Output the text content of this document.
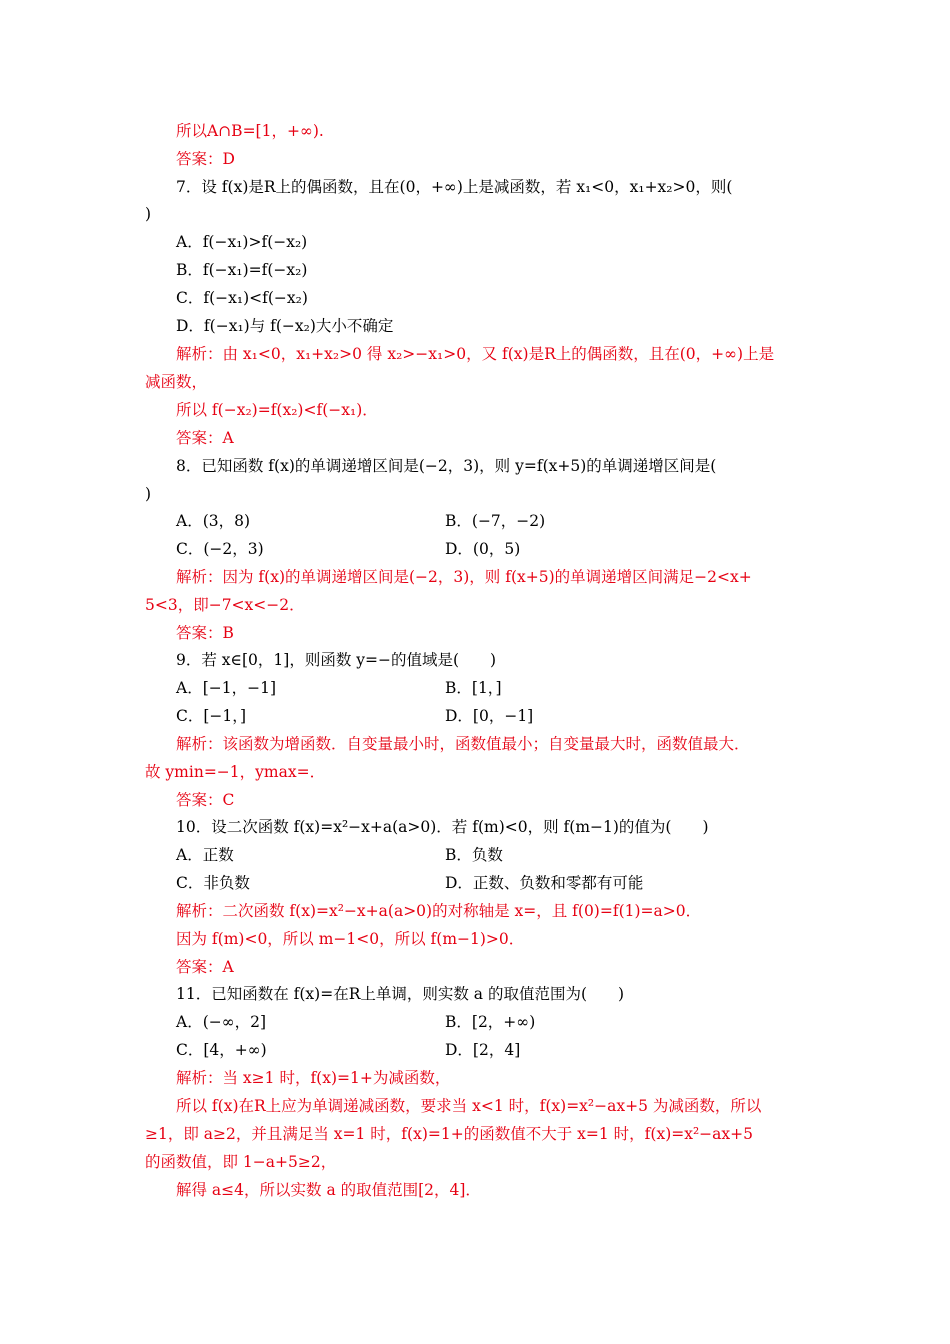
所以A∩B=[1，+∞).
答案：D
7．设 f(x)是R上的偶函数，且在(0，+∞)上是减函数，若 x₁<0，x₁+x₂>0，则(
)
A．f(−x₁)>f(−x₂)
B．f(−x₁)=f(−x₂)
C．f(−x₁)<f(−x₂)
D．f(−x₁)与 f(−x₂)大小不确定
解析：由 x₁<0，x₁+x₂>0 得 x₂>−x₁>0，又 f(x)是R上的偶函数，且在(0，+∞)上是
减函数，
所以 f(−x₂)=f(x₂)<f(−x₁)．
答案：A
8．已知函数 f(x)的单调递增区间是(−2，3)，则 y=f(x+5)的单调递增区间是(
)
A．(3，8)	B．(−7，−2)
C．(−2，3)	D．(0，5)
解析：因为 f(x)的单调递增区间是(−2，3)，则 f(x+5)的单调递增区间满足−2<x+
5<3，即−7<x<−2．
答案：B
9．若 x∈[0，1]，则函数 y=−的值域是(　　)
A．[−1，−1]	B．[1，]
C．[−1，]	D．[0，−1]
解析：该函数为增函数．自变量最小时，函数值最小；自变量最大时，函数值最大．
故 ymin=−1，ymax=．
答案：C
10．设二次函数 f(x)=x²−x+a(a>0)．若 f(m)<0，则 f(m−1)的值为(　　)
A．正数	B．负数
C．非负数	D．正数、负数和零都有可能
解析：二次函数 f(x)=x²−x+a(a>0)的对称轴是 x=，且 f(0)=f(1)=a>0．
因为 f(m)<0，所以 m−1<0，所以 f(m−1)>0．
答案：A
11．已知函数在 f(x)=在R上单调，则实数 a 的取值范围为(　　)
A．(−∞，2]	B．[2，+∞)
C．[4，+∞)	D．[2，4]
解析：当 x≥1 时，f(x)=1+为减函数，
所以 f(x)在R上应为单调递减函数，要求当 x<1 时，f(x)=x²−ax+5 为减函数，所以
≥1，即 a≥2，并且满足当 x=1 时，f(x)=1+的函数值不大于 x=1 时，f(x)=x²−ax+5
的函数值，即 1−a+5≥2，
解得 a≤4，所以实数 a 的取值范围[2，4]．
